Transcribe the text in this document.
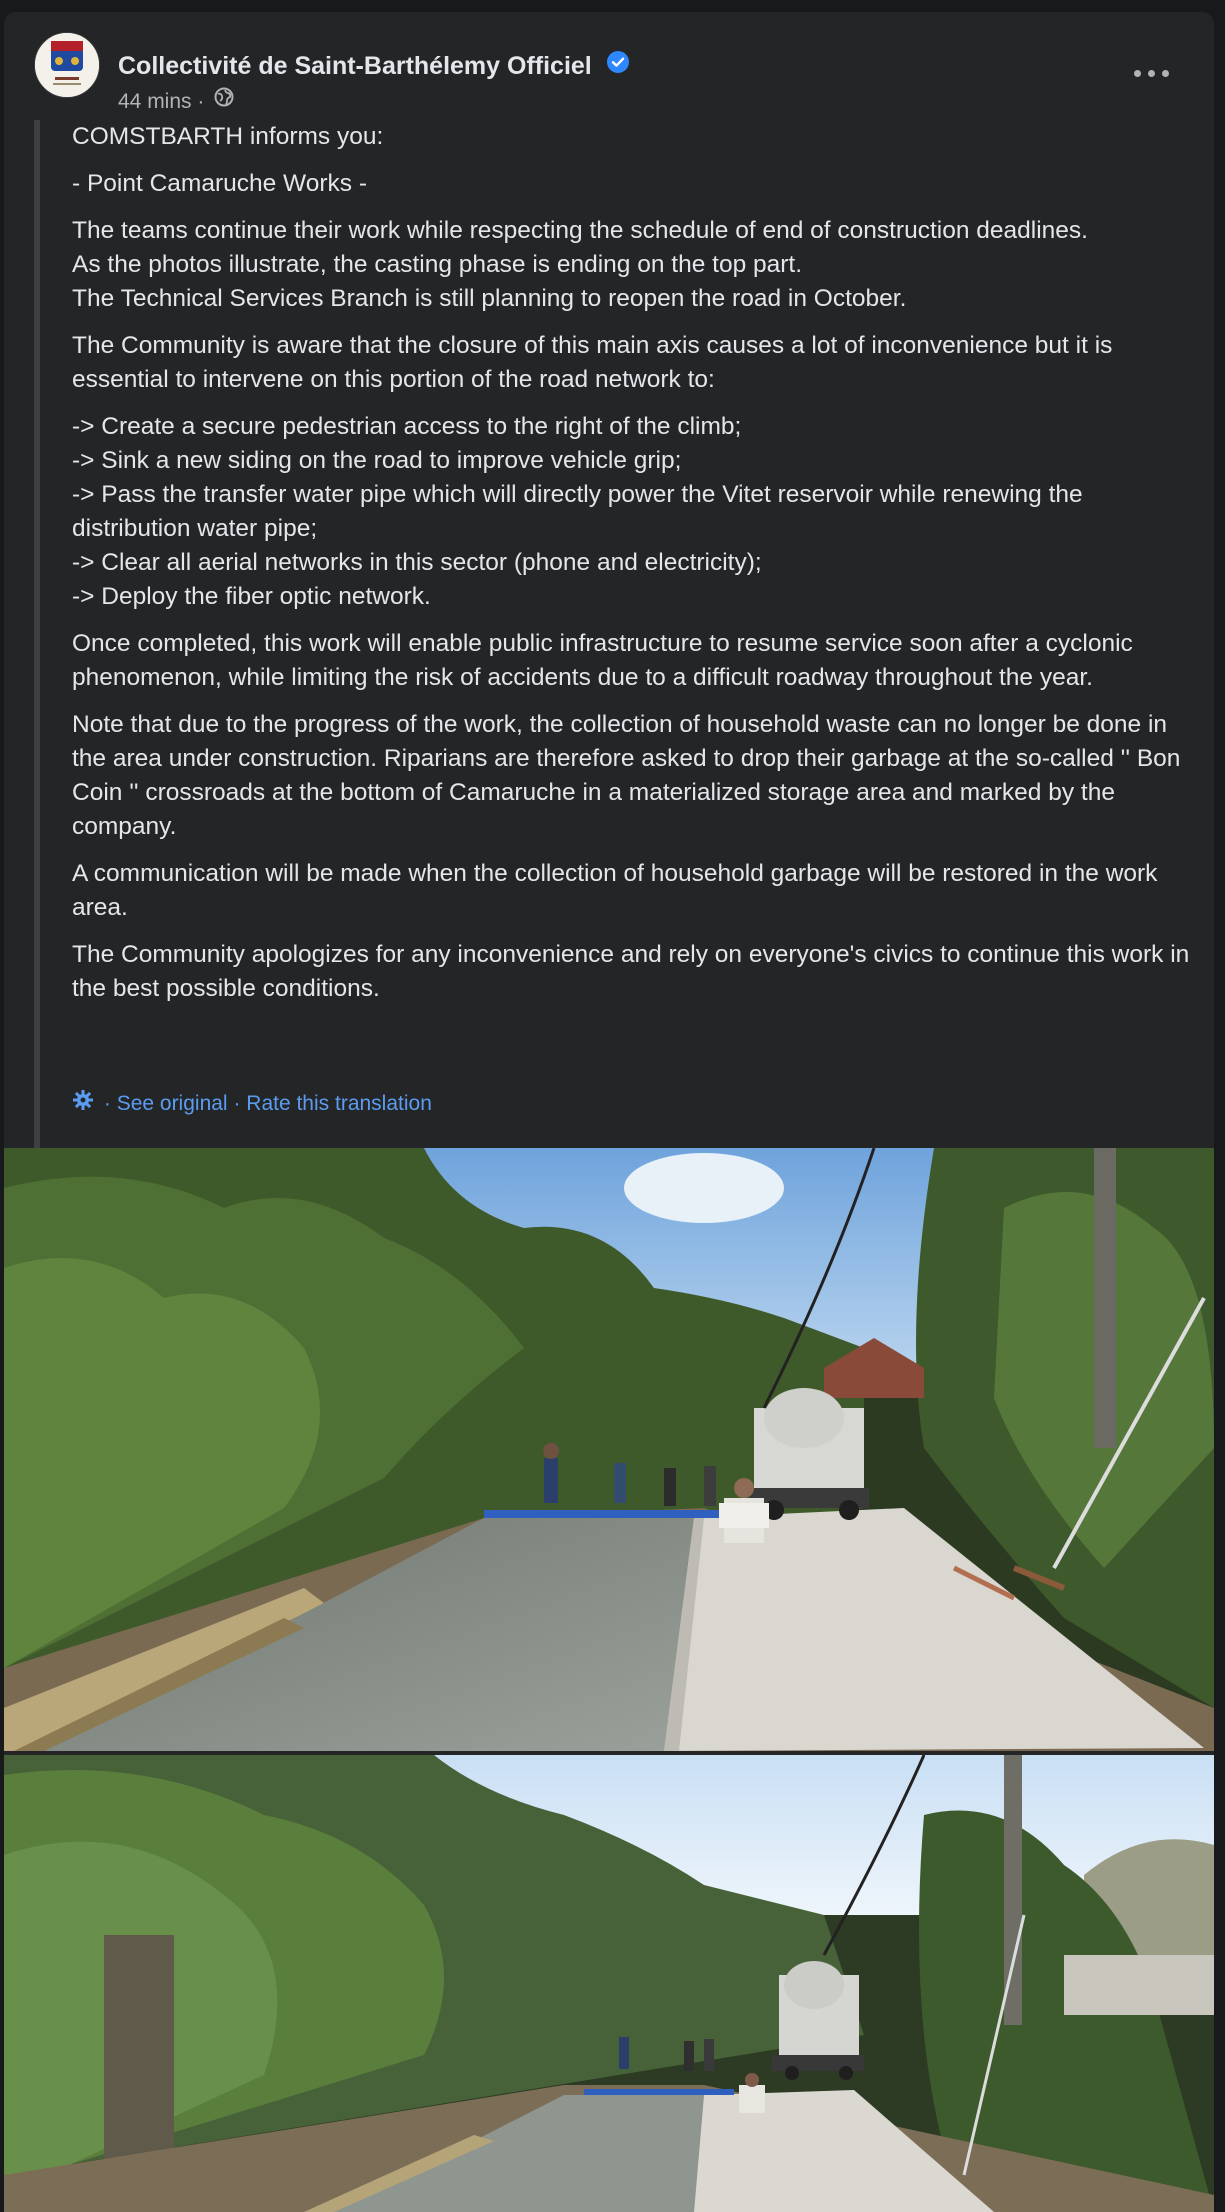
Collectivité de Saint-Barthélemy Officiel
44 mins ·

COMSTBARTH informs you:

- Point Camaruche Works -

The teams continue their work while respecting the schedule of end of construction deadlines.
As the photos illustrate, the casting phase is ending on the top part.
The Technical Services Branch is still planning to reopen the road in October.

The Community is aware that the closure of this main axis causes a lot of inconvenience but it is essential to intervene on this portion of the road network to:

-> Create a secure pedestrian access to the right of the climb;
-> Sink a new siding on the road to improve vehicle grip;
-> Pass the transfer water pipe which will directly power the Vitet reservoir while renewing the distribution water pipe;
-> Clear all aerial networks in this sector (phone and electricity);
-> Deploy the fiber optic network.

Once completed, this work will enable public infrastructure to resume service soon after a cyclonic phenomenon, while limiting the risk of accidents due to a difficult roadway throughout the year.

Note that due to the progress of the work, the collection of household waste can no longer be done in the area under construction. Riparians are therefore asked to drop their garbage at the so-called '' Bon Coin '' crossroads at the bottom of Camaruche in a materialized storage area and marked by the company.

A communication will be made when the collection of household garbage will be restored in the work area.

The Community apologizes for any inconvenience and rely on everyone's civics to continue this work in the best possible conditions.

· See original · Rate this translation
